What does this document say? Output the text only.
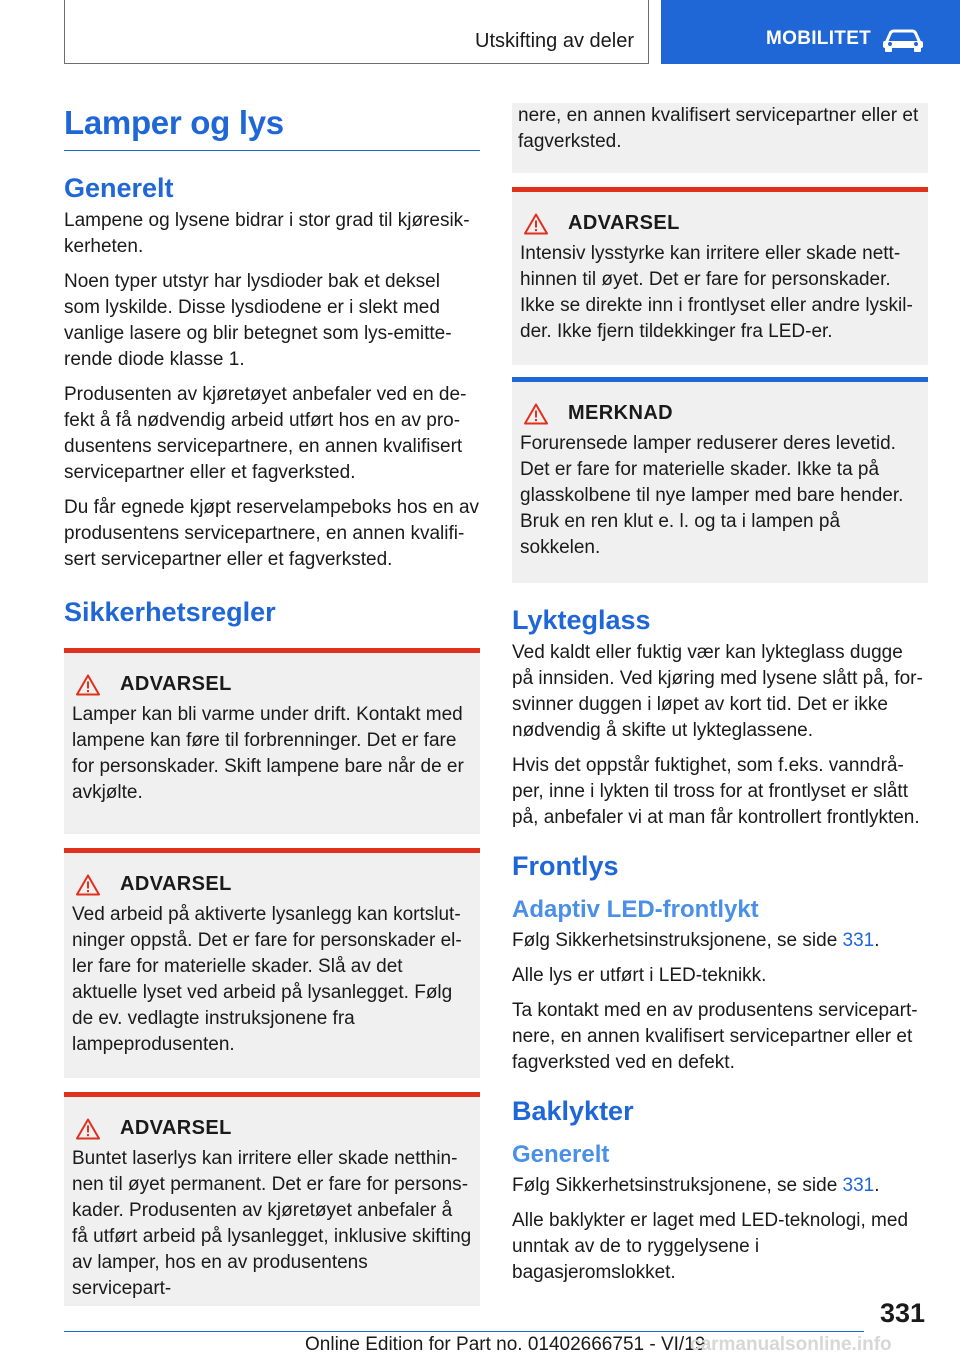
Utskifting av deler	MOBILITET
Lamper og lys
Generelt

Lampene og lysene bidrar i stor grad til kjøresikkerheten.

Noen typer utstyr har lysdioder bak et deksel som lyskilde. Disse lysdiodene er i slekt med vanlige lasere og blir betegnet som lys-emitterende diode klasse 1.

Produsenten av kjøretøyet anbefaler ved en defekt å få nødvendig arbeid utført hos en av produsentens servicepartnere, en annen kvalifisert servicepartner eller et fagverksted.

Du får egnede kjøpt reservelampeboks hos en av produsentens servicepartnere, en annen kvalifisert servicepartner eller et fagverksted.

Sikkerhetsregler
ADVARSEL

Lamper kan bli varme under drift. Kontakt med lampene kan føre til forbrenninger. Det er fare for personskader. Skift lampene bare når de er avkjølte.

ADVARSEL

Ved arbeid på aktiverte lysanlegg kan kortslutninger oppstå. Det er fare for personskader eller fare for materielle skader. Slå av det aktuelle lyset ved arbeid på lysanlegget. Følg de ev. vedlagte instruksjonene fra lampeprodusenten.

ADVARSEL

Buntet laserlys kan irritere eller skade netthinnen til øyet permanent. Det er fare for personskader. Produsenten av kjøretøyet anbefaler å få utført arbeid på lysanlegget, inklusive skifting av lamper, hos en av produsentens servicepart-

nere, en annen kvalifisert servicepartner eller et fagverksted.

ADVARSEL

Intensiv lysstyrke kan irritere eller skade netthinnen til øyet. Det er fare for personskader. Ikke se direkte inn i frontlyset eller andre lyskilder. Ikke fjern tildekkinger fra LED-er.

MERKNAD

Forurensede lamper reduserer deres levetid. Det er fare for materielle skader. Ikke ta på glasskolbene til nye lamper med bare hender. Bruk en ren klut e. l. og ta i lampen på sokkelen.

Lykteglass

Ved kaldt eller fuktig vær kan lykteglass dugge på innsiden. Ved kjøring med lysene slått på, forsvinner duggen i løpet av kort tid. Det er ikke nødvendig å skifte ut lykteglassene.

Hvis det oppstår fuktighet, som f.eks. vanndråper, inne i lykten til tross for at frontlyset er slått på, anbefaler vi at man får kontrollert frontlykten.

Frontlys
Adaptiv LED-frontlykt

Følg Sikkerhetsinstruksjonene, se side 331.

Alle lys er utført i LED-teknikk.

Ta kontakt med en av produsentens servicepartnere, en annen kvalifisert servicepartner eller et fagverksted ved en defekt.

Baklykter
Generelt

Følg Sikkerhetsinstruksjonene, se side 331.

Alle baklykter er laget med LED-teknologi, med unntak av de to ryggelysene i bagasjeromslokket.

331
Online Edition for Part no. 01402666751 - VI/19
carmanualsonline.info
